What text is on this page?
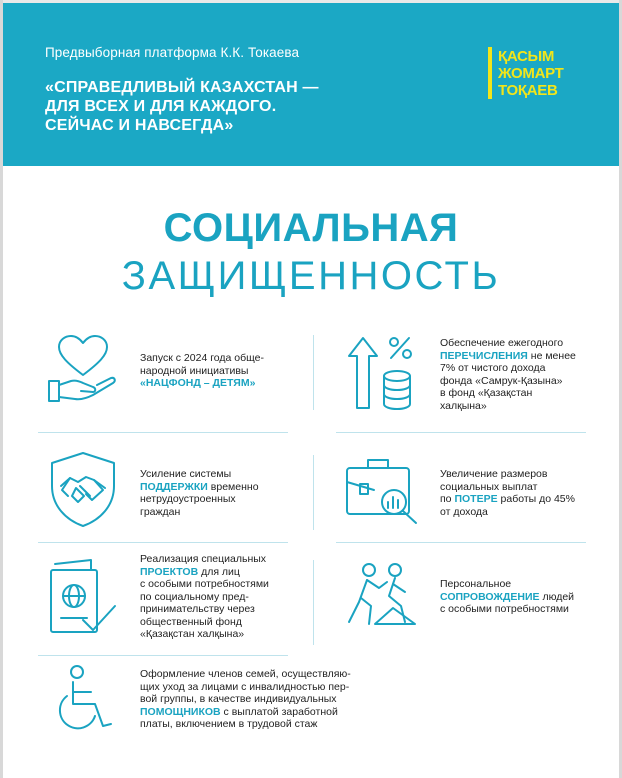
Предвыборная платформа К.К. Токаева
«СПРАВЕДЛИВЫЙ КАЗАХСТАН —
ДЛЯ ВСЕХ И ДЛЯ КАЖДОГО.
СЕЙЧАС И НАВСЕГДА»
ҚАСЫМ
ЖОМАРТ
ТОҚАЕВ
СОЦИАЛЬНАЯ
ЗАЩИЩЕННОСТЬ
Запуск с 2024 года обще-
народной инициативы
«НАЦФОНД – ДЕТЯМ»
Обеспечение ежегодного
ПЕРЕЧИСЛЕНИЯ не менее
7% от чистого дохода
фонда «Самрук-Қазына»
в фонд «Қазақстан
халқына»
Усиление системы
ПОДДЕРЖКИ временно
нетрудоустроенных
граждан
Увеличение размеров
социальных выплат
по ПОТЕРЕ работы до 45%
от дохода
Реализация специальных
ПРОЕКТОВ для лиц
с особыми потребностями
по социальному пред-
принимательству через
общественный фонд
«Қазақстан халқына»
Персональное
СОПРОВОЖДЕНИЕ людей
с особыми потребностями
Оформление членов семей, осуществляю-
щих уход за лицами с инвалидностью пер-
вой группы, в качестве индивидуальных
ПОМОЩНИКОВ с выплатой заработной
платы, включением в трудовой стаж
